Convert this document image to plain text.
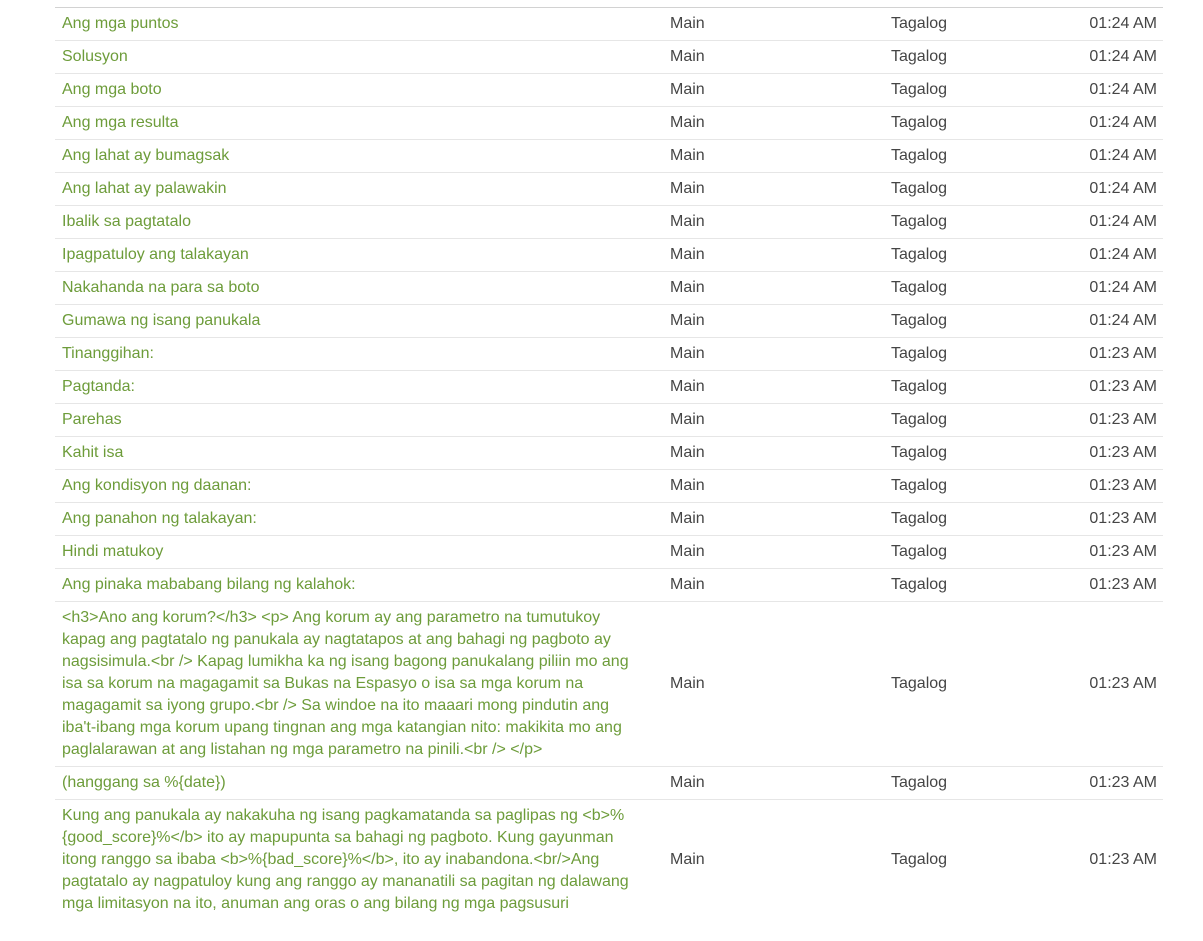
Ang mga puntos	Main	Tagalog	01:24 AM
Solusyon	Main	Tagalog	01:24 AM
Ang mga boto	Main	Tagalog	01:24 AM
Ang mga resulta	Main	Tagalog	01:24 AM
Ang lahat ay bumagsak	Main	Tagalog	01:24 AM
Ang lahat ay palawakin	Main	Tagalog	01:24 AM
Ibalik sa pagtatalo	Main	Tagalog	01:24 AM
Ipagpatuloy ang talakayan	Main	Tagalog	01:24 AM
Nakahanda na para sa boto	Main	Tagalog	01:24 AM
Gumawa ng isang panukala	Main	Tagalog	01:24 AM
Tinanggihan:	Main	Tagalog	01:23 AM
Pagtanda:	Main	Tagalog	01:23 AM
Parehas	Main	Tagalog	01:23 AM
Kahit isa	Main	Tagalog	01:23 AM
Ang kondisyon ng daanan:	Main	Tagalog	01:23 AM
Ang panahon ng talakayan:	Main	Tagalog	01:23 AM
Hindi matukoy	Main	Tagalog	01:23 AM
Ang pinaka mababang bilang ng kalahok:	Main	Tagalog	01:23 AM
<h3>Ano ang korum?</h3> <p> Ang korum ay ang parametro na tumutukoy kapag ang pagtatalo ng panukala ay nagtatapos at ang bahagi ng pagboto ay nagsisimula.<br /> Kapag lumikha ka ng isang bagong panukalang piliin mo ang isa sa korum na magagamit sa Bukas na Espasyo o isa sa mga korum na magagamit sa iyong grupo.<br /> Sa windoe na ito maaari mong pindutin ang iba't-ibang mga korum upang tingnan ang mga katangian nito: makikita mo ang paglalarawan at ang listahan ng mga parametro na pinili.<br /> </p>	Main	Tagalog	01:23 AM
(hanggang sa %{date})	Main	Tagalog	01:23 AM
Kung ang panukala ay nakakuha ng isang pagkamatanda sa paglipas ng <b>%{good_score}%</b> ito ay mapupunta sa bahagi ng pagboto. Kung gayunman itong ranggo sa ibaba <b>%{bad_score}%</b>, ito ay inabandona.<br/>Ang pagtatalo ay nagpatuloy kung ang ranggo ay mananatili sa pagitan ng dalawang mga limitasyon na ito, anuman ang oras o ang bilang ng mga pagsusuri	Main	Tagalog	01:23 AM
